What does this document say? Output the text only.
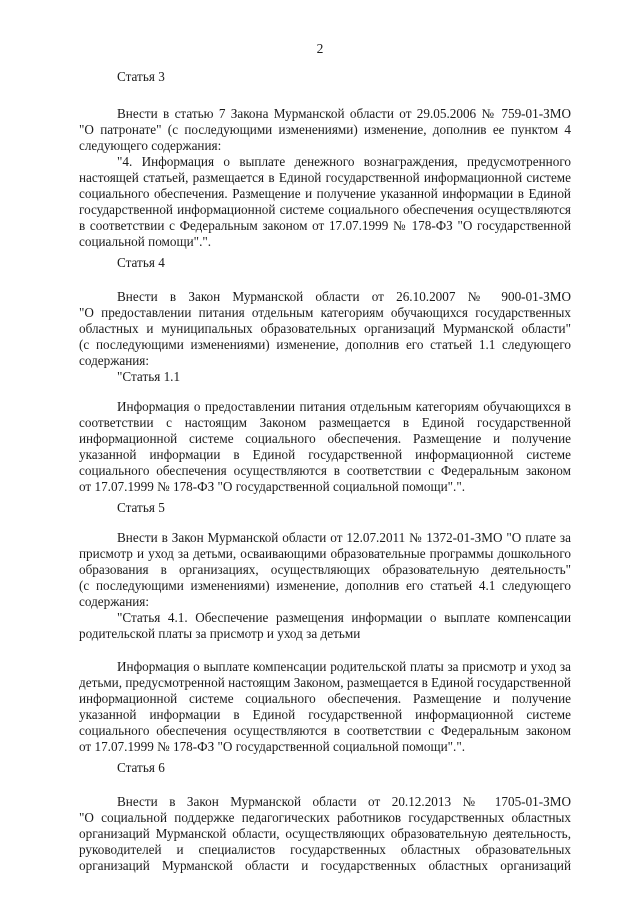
2
Статья 3
Внести в статью 7 Закона Мурманской области от 29.05.2006 № 759-01-ЗМО
"О патронате" (с последующими изменениями) изменение, дополнив ее пунктом 4
следующего содержания:
"4. Информация о выплате денежного вознаграждения, предусмотренного
настоящей статьей, размещается в Единой государственной информационной системе
социального обеспечения. Размещение и получение указанной информации в Единой
государственной информационной системе социального обеспечения осуществляются
в соответствии с Федеральным законом от 17.07.1999 № 178-ФЗ "О государственной
социальной помощи".".
Статья 4
Внести в Закон Мурманской области от 26.10.2007 № 900-01-ЗМО
"О предоставлении питания отдельным категориям обучающихся государственных
областных и муниципальных образовательных организаций Мурманской области"
(с последующими изменениями) изменение, дополнив его статьей 1.1 следующего
содержания:
"Статья 1.1
Информация о предоставлении питания отдельным категориям обучающихся в
соответствии с настоящим Законом размещается в Единой государственной
информационной системе социального обеспечения. Размещение и получение
указанной информации в Единой государственной информационной системе
социального обеспечения осуществляются в соответствии с Федеральным законом
от 17.07.1999 № 178-ФЗ "О государственной социальной помощи".".
Статья 5
Внести в Закон Мурманской области от 12.07.2011 № 1372-01-ЗМО "О плате за
присмотр и уход за детьми, осваивающими образовательные программы дошкольного
образования в организациях, осуществляющих образовательную деятельность"
(с последующими изменениями) изменение, дополнив его статьей 4.1 следующего
содержания:
"Статья 4.1. Обеспечение размещения информации о выплате компенсации
родительской платы за присмотр и уход за детьми
Информация о выплате компенсации родительской платы за присмотр и уход за
детьми, предусмотренной настоящим Законом, размещается в Единой государственной
информационной системе социального обеспечения. Размещение и получение
указанной информации в Единой государственной информационной системе
социального обеспечения осуществляются в соответствии с Федеральным законом
от 17.07.1999 № 178-ФЗ "О государственной социальной помощи".".
Статья 6
Внести в Закон Мурманской области от 20.12.2013 № 1705-01-ЗМО
"О социальной поддержке педагогических работников государственных областных
организаций Мурманской области, осуществляющих образовательную деятельность,
руководителей и специалистов государственных областных образовательных
организаций Мурманской области и государственных областных организаций
